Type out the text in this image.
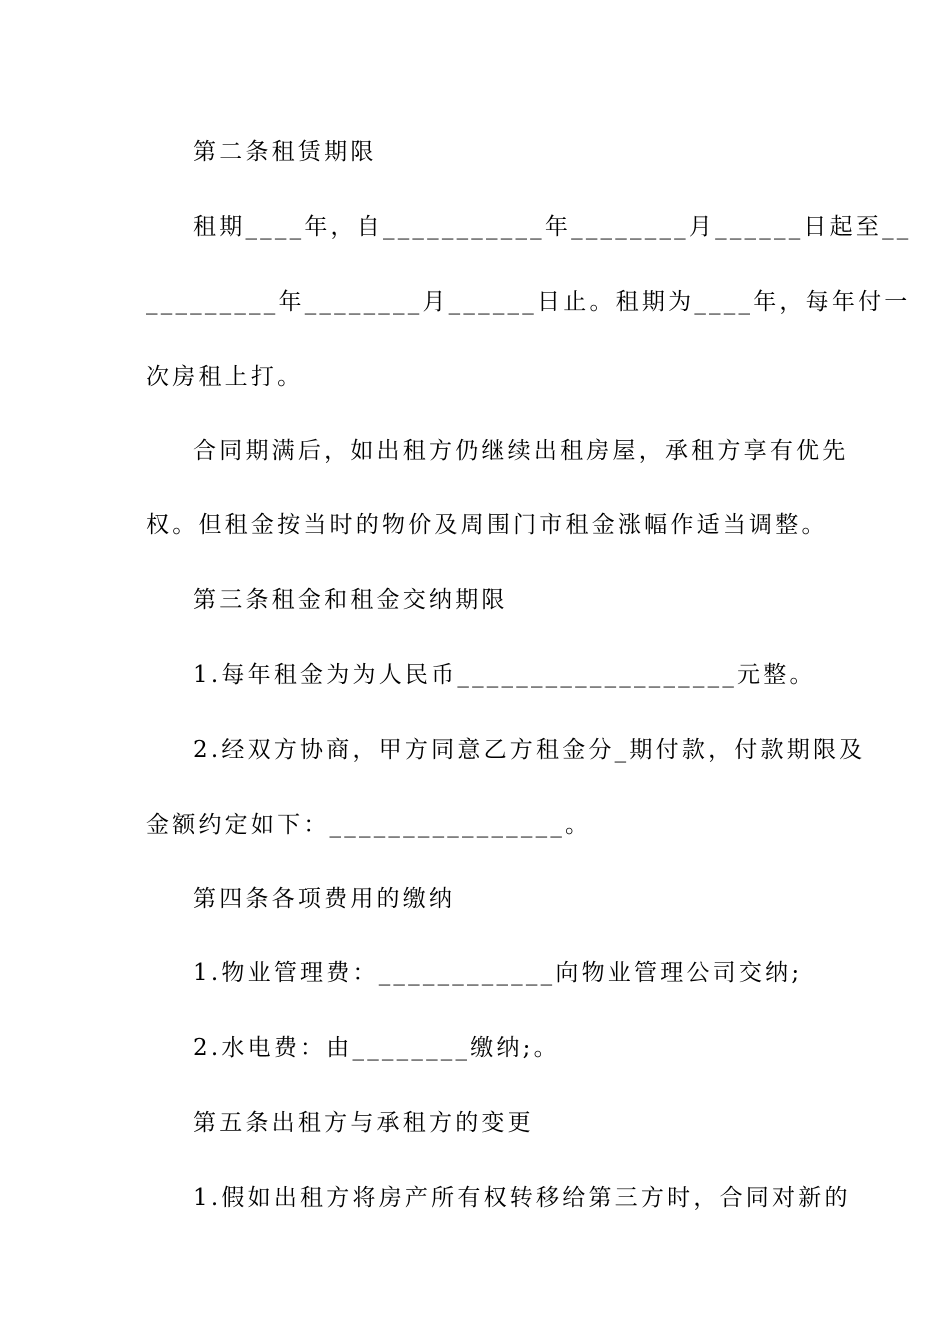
第二条租赁期限
租期____年，自___________年________月______日起至__
_________年________月______日止。租期为____年，每年付一
次房租上打。
合同期满后，如出租方仍继续出租房屋，承租方享有优先
权。但租金按当时的物价及周围门市租金涨幅作适当调整。
第三条租金和租金交纳期限
1.每年租金为为人民币___________________元整。
2.经双方协商，甲方同意乙方租金分_期付款，付款期限及
金额约定如下：________________。
第四条各项费用的缴纳
1.物业管理费：____________向物业管理公司交纳;
2.水电费：由________缴纳;。
第五条出租方与承租方的变更
1.假如出租方将房产所有权转移给第三方时，合同对新的
